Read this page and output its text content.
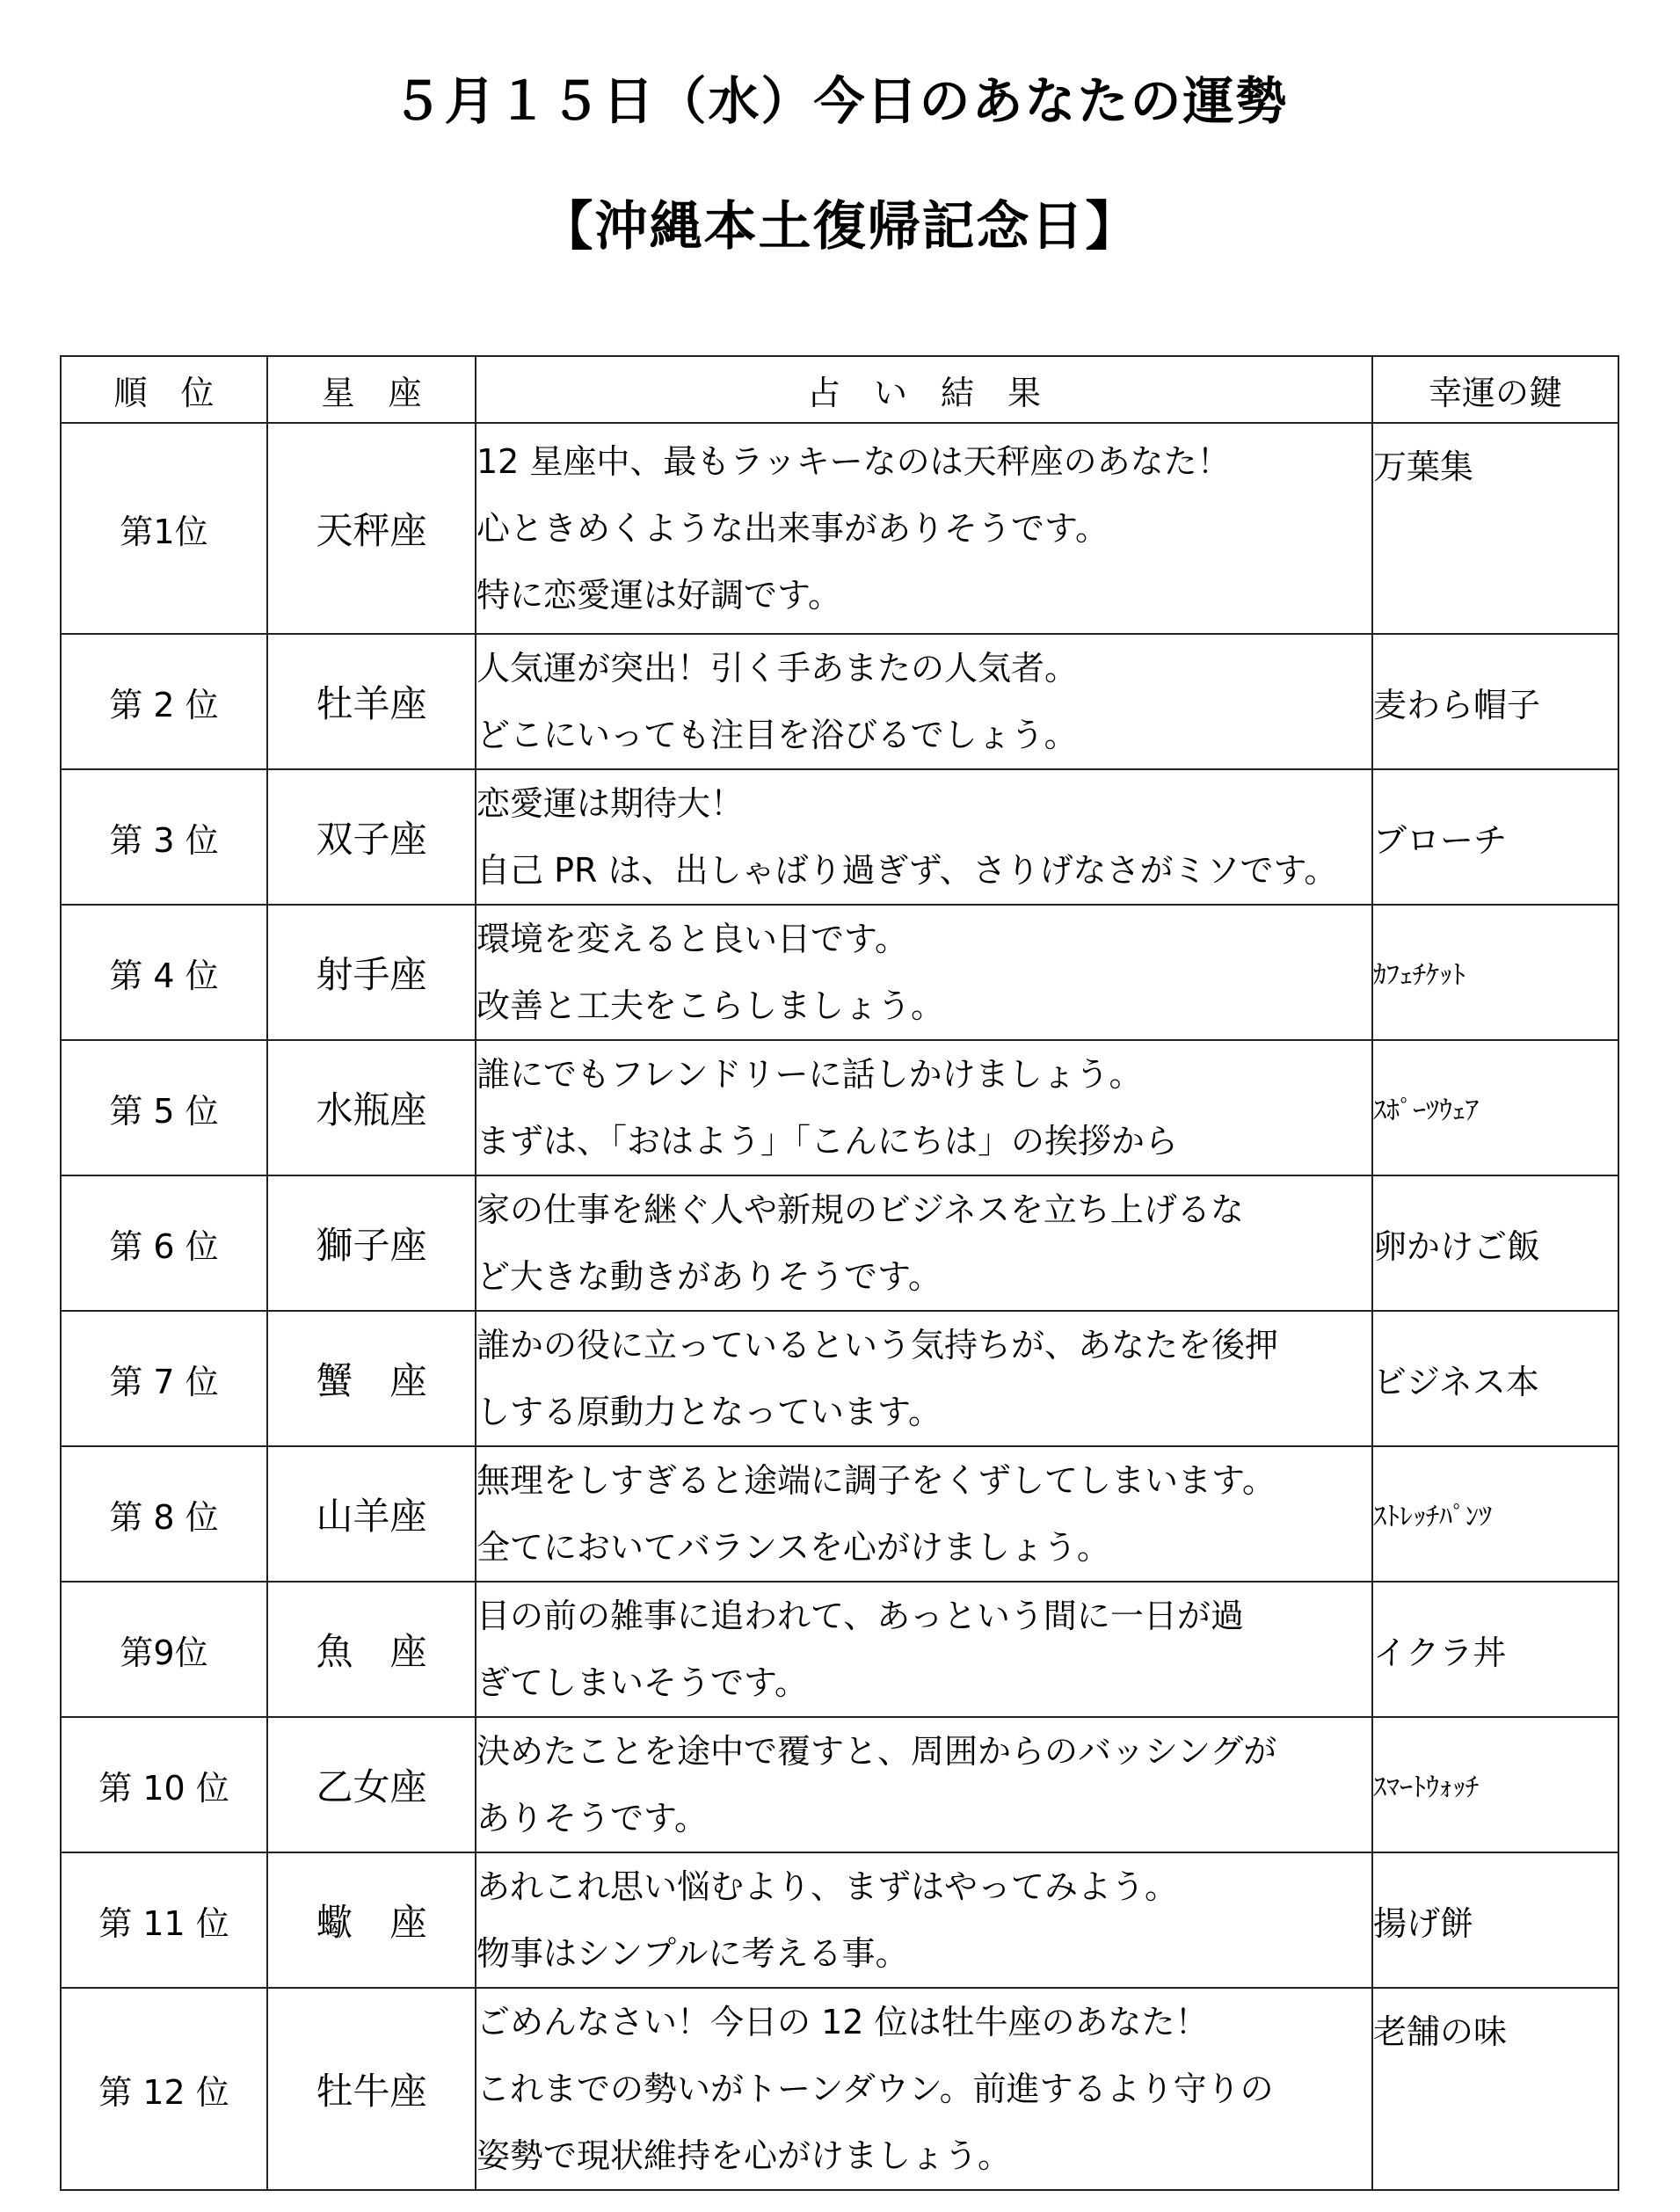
５月１５日（水）今日のあなたの運勢
【沖縄本土復帰記念日】
順　位	星　座	占　い　結　果	幸運の鍵
第1位	天秤座	12 星座中、最もラッキーなのは天秤座のあなた！
心ときめくような出来事がありそうです。
特に恋愛運は好調です。	万葉集
第 2 位	牡羊座	人気運が突出！引く手あまたの人気者。
どこにいっても注目を浴びるでしょう。	麦わら帽子
第 3 位	双子座	恋愛運は期待大！
自己 PR は、出しゃばり過ぎず、さりげなさがミソです。	ブローチ
第 4 位	射手座	環境を変えると良い日です。
改善と工夫をこらしましょう。	ｶﾌｪﾁｹｯﾄ
第 5 位	水瓶座	誰にでもフレンドリーに話しかけましょう。
まずは、「おはよう」「こんにちは」の挨拶から	ｽﾎﾟｰﾂｳｪｱ
第 6 位	獅子座	家の仕事を継ぐ人や新規のビジネスを立ち上げるな
ど大きな動きがありそうです。	卵かけご飯
第 7 位	蟹　座	誰かの役に立っているという気持ちが、あなたを後押
しする原動力となっています。	ビジネス本
第 8 位	山羊座	無理をしすぎると途端に調子をくずしてしまいます。
全てにおいてバランスを心がけましょう。	ｽﾄﾚｯﾁﾊﾟﾝﾂ
第9位	魚　座	目の前の雑事に追われて、あっという間に一日が過
ぎてしまいそうです。	イクラ丼
第 10 位	乙女座	決めたことを途中で覆すと、周囲からのバッシングが
ありそうです。	ｽﾏｰﾄｳｫｯﾁ
第 11 位	蠍　座	あれこれ思い悩むより、まずはやってみよう。
物事はシンプルに考える事。	揚げ餅
第 12 位	牡牛座	ごめんなさい！今日の 12 位は牡牛座のあなた！
これまでの勢いがトーンダウン。前進するより守りの
姿勢で現状維持を心がけましょう。	老舗の味
